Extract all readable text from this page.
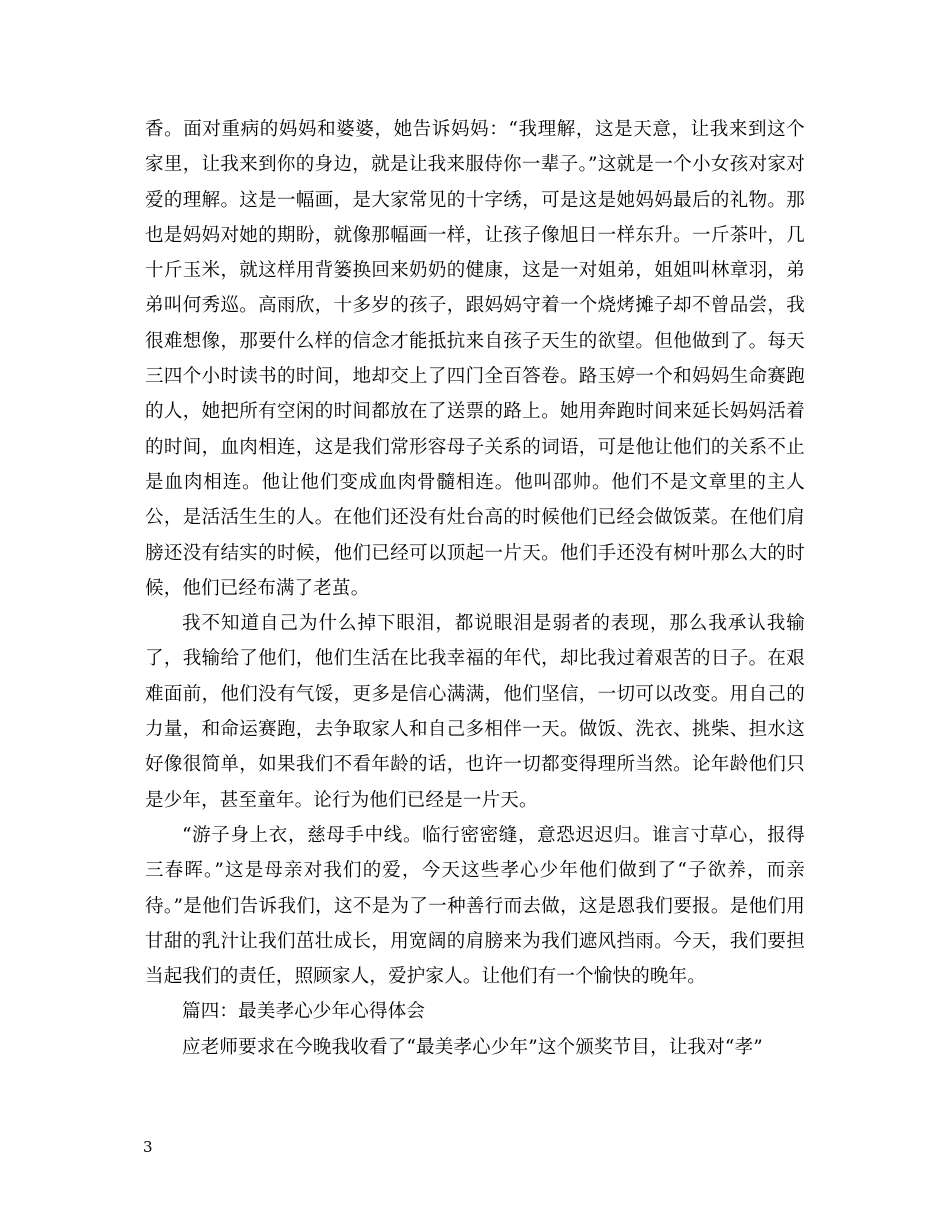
香。面对重病的妈妈和婆婆，她告诉妈妈：“我理解，这是天意，让我来到这个家里，让我来到你的身边，就是让我来服侍你一辈子。”这就是一个小女孩对家对爱的理解。这是一幅画，是大家常见的十字绣，可是这是她妈妈最后的礼物。那也是妈妈对她的期盼，就像那幅画一样，让孩子像旭日一样东升。一斤茶叶，几十斤玉米，就这样用背篓换回来奶奶的健康，这是一对姐弟，姐姐叫林章羽，弟弟叫何秀巡。高雨欣，十多岁的孩子，跟妈妈守着一个烧烤摊子却不曾品尝，我很难想像，那要什么样的信念才能抵抗来自孩子天生的欲望。但他做到了。每天三四个小时读书的时间，地却交上了四门全百答卷。路玉婷一个和妈妈生命赛跑的人，她把所有空闲的时间都放在了送票的路上。她用奔跑时间来延长妈妈活着的时间，血肉相连，这是我们常形容母子关系的词语，可是他让他们的关系不止是血肉相连。他让他们变成血肉骨髓相连。他叫邵帅。他们不是文章里的主人公，是活活生生的人。在他们还没有灶台高的时候他们已经会做饭菜。在他们肩膀还没有结实的时候，他们已经可以顶起一片天。他们手还没有树叶那么大的时候，他们已经布满了老茧。

我不知道自己为什么掉下眼泪，都说眼泪是弱者的表现，那么我承认我输了，我输给了他们，他们生活在比我幸福的年代，却比我过着艰苦的日子。在艰难面前，他们没有气馁，更多是信心满满，他们坚信，一切可以改变。用自己的力量，和命运赛跑，去争取家人和自己多相伴一天。做饭、洗衣、挑柴、担水这好像很简单，如果我们不看年龄的话，也许一切都变得理所当然。论年龄他们只是少年，甚至童年。论行为他们已经是一片天。

“游子身上衣，慈母手中线。临行密密缝，意恐迟迟归。谁言寸草心，报得三春晖。”这是母亲对我们的爱，今天这些孝心少年他们做到了“子欲养，而亲待。”是他们告诉我们，这不是为了一种善行而去做，这是恩我们要报。是他们用甘甜的乳汁让我们茁壮成长，用宽阔的肩膀来为我们遮风挡雨。今天，我们要担当起我们的责任，照顾家人，爱护家人。让他们有一个愉快的晚年。

篇四：最美孝心少年心得体会

应老师要求在今晚我收看了“最美孝心少年”这个颁奖节目，让我对“孝”

3
